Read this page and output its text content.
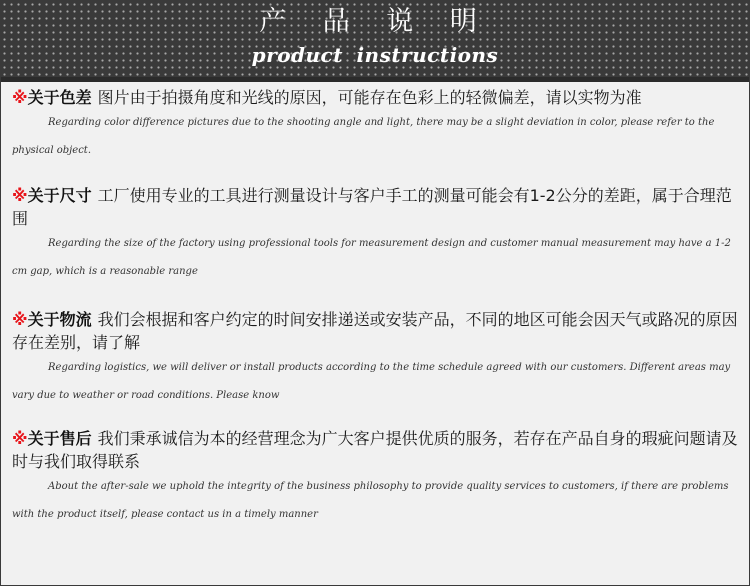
产 品 说 明
product instructions
※关于色差 图片由于拍摄角度和光线的原因，可能存在色彩上的轻微偏差，请以实物为准
Regarding color difference pictures due to the shooting angle and light, there may be a slight deviation in color, please refer to the physical object.
※关于尺寸 工厂使用专业的工具进行测量设计与客户手工的测量可能会有1-2公分的差距，属于合理范围
Regarding the size of the factory using professional tools for measurement design and customer manual measurement may have a 1-2 cm gap, which is a reasonable range
※关于物流 我们会根据和客户约定的时间安排递送或安装产品，不同的地区可能会因天气或路况的原因存在差别，请了解
Regarding logistics, we will deliver or install products according to the time schedule agreed with our customers. Different areas may vary due to weather or road conditions. Please know
※关于售后 我们秉承诚信为本的经营理念为广大客户提供优质的服务，若存在产品自身的瑕疵问题请及时与我们取得联系
About the after-sale we uphold the integrity of the business philosophy to provide quality services to customers, if there are problems with the product itself, please contact us in a timely manner
